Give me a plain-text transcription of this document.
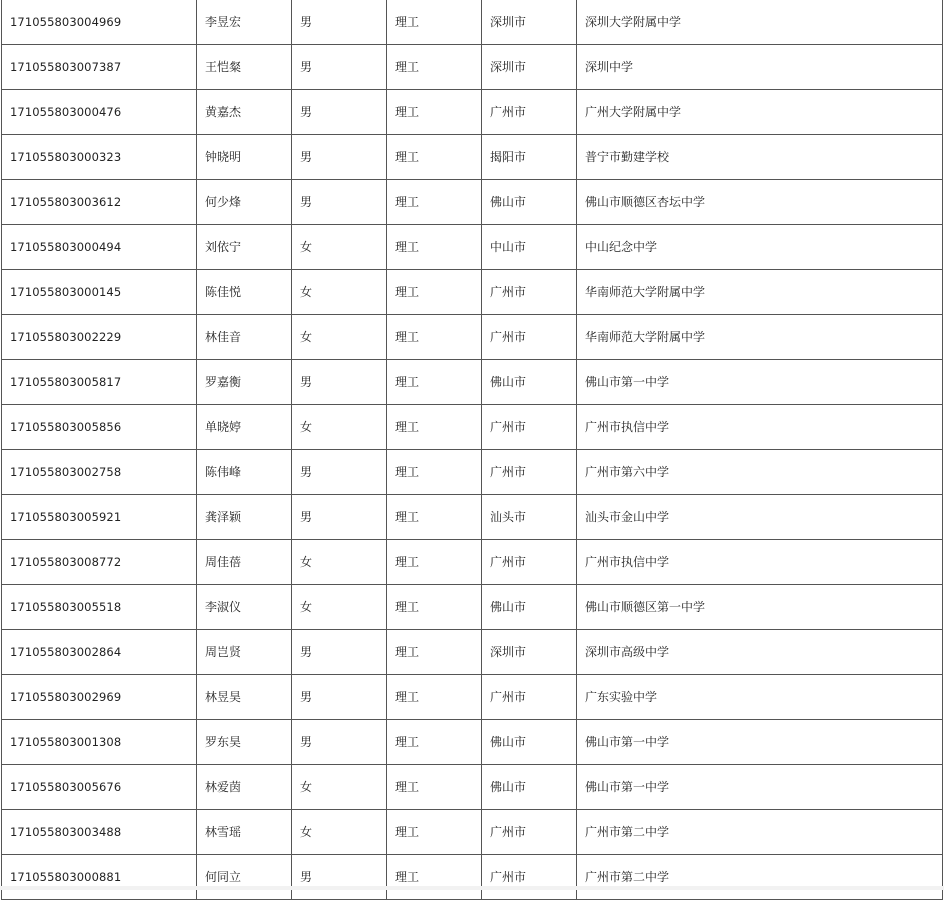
171055803004969	李昱宏	男	理工	深圳市	深圳大学附属中学
171055803007387	王恺粲	男	理工	深圳市	深圳中学
171055803000476	黄嘉杰	男	理工	广州市	广州大学附属中学
171055803000323	钟晓明	男	理工	揭阳市	普宁市勤建学校
171055803003612	何少烽	男	理工	佛山市	佛山市顺德区杏坛中学
171055803000494	刘依宁	女	理工	中山市	中山纪念中学
171055803000145	陈佳悦	女	理工	广州市	华南师范大学附属中学
171055803002229	林佳音	女	理工	广州市	华南师范大学附属中学
171055803005817	罗嘉衡	男	理工	佛山市	佛山市第一中学
171055803005856	单晓婷	女	理工	广州市	广州市执信中学
171055803002758	陈伟峰	男	理工	广州市	广州市第六中学
171055803005921	龚泽颖	男	理工	汕头市	汕头市金山中学
171055803008772	周佳蓓	女	理工	广州市	广州市执信中学
171055803005518	李淑仪	女	理工	佛山市	佛山市顺德区第一中学
171055803002864	周岂贤	男	理工	深圳市	深圳市高级中学
171055803002969	林昱昊	男	理工	广州市	广东实验中学
171055803001308	罗东昊	男	理工	佛山市	佛山市第一中学
171055803005676	林爱茵	女	理工	佛山市	佛山市第一中学
171055803003488	林雪瑶	女	理工	广州市	广州市第二中学
171055803000881	何同立	男	理工	广州市	广州市第二中学
